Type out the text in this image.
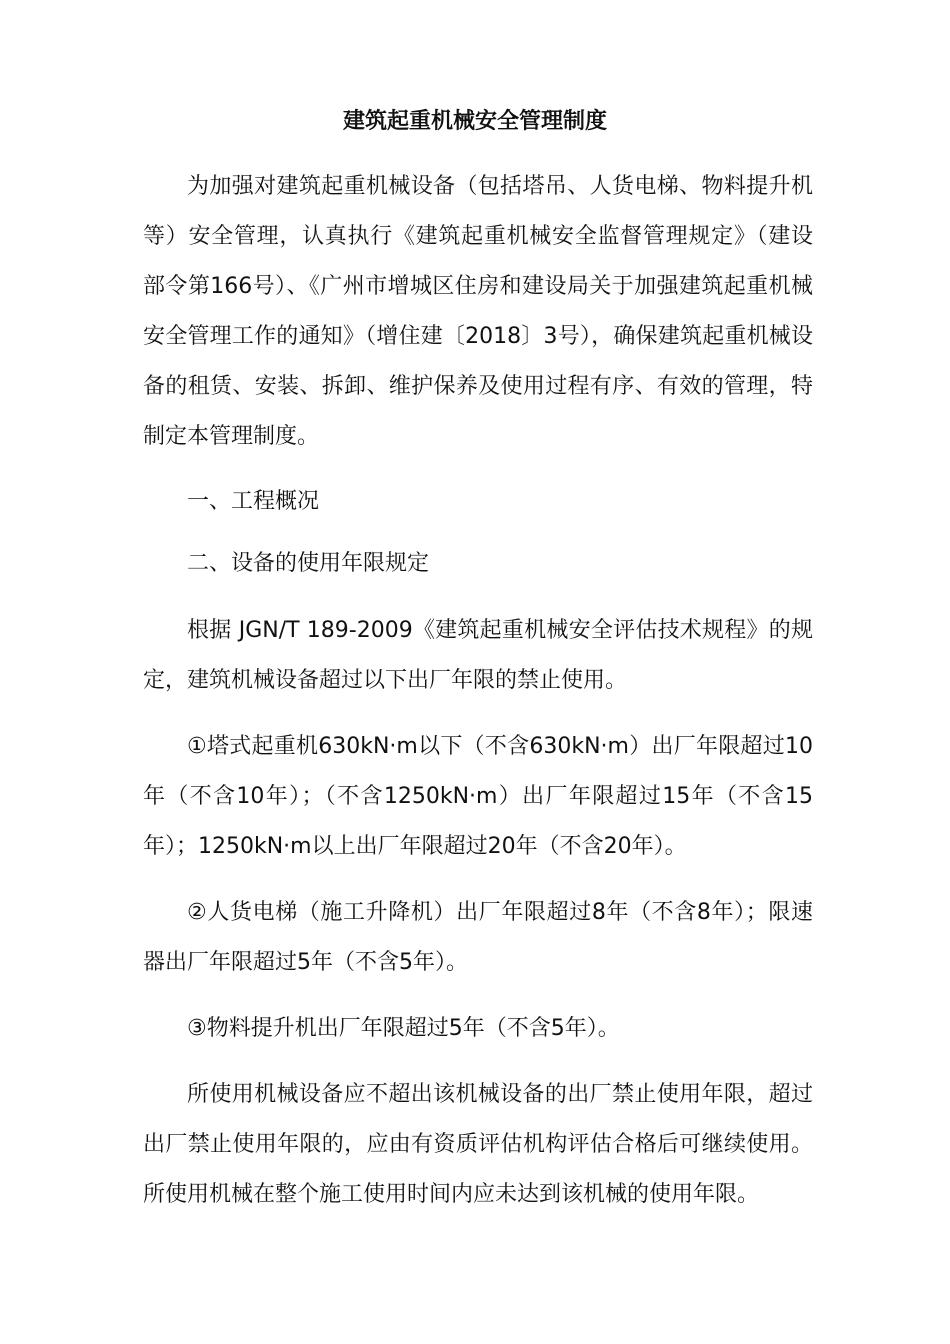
建筑起重机械安全管理制度

为加强对建筑起重机械设备（包括塔吊、人货电梯、物料提升机等）安全管理，认真执行《建筑起重机械安全监督管理规定》（建设部令第166号）、《广州市增城区住房和建设局关于加强建筑起重机械安全管理工作的通知》（增住建〔2018〕3号），确保建筑起重机械设备的租赁、安装、拆卸、维护保养及使用过程有序、有效的管理，特制定本管理制度。

一、工程概况

二、设备的使用年限规定

根据 JGN/T 189-2009《建筑起重机械安全评估技术规程》的规定，建筑机械设备超过以下出厂年限的禁止使用。

①塔式起重机630kN·m以下（不含630kN·m）出厂年限超过10年（不含10年）；（不含1250kN·m）出厂年限超过15年（不含15年）；1250kN·m以上出厂年限超过20年（不含20年）。

②人货电梯（施工升降机）出厂年限超过8年（不含8年）；限速器出厂年限超过5年（不含5年）。

③物料提升机出厂年限超过5年（不含5年）。

所使用机械设备应不超出该机械设备的出厂禁止使用年限，超过出厂禁止使用年限的，应由有资质评估机构评估合格后可继续使用。所使用机械在整个施工使用时间内应未达到该机械的使用年限。
